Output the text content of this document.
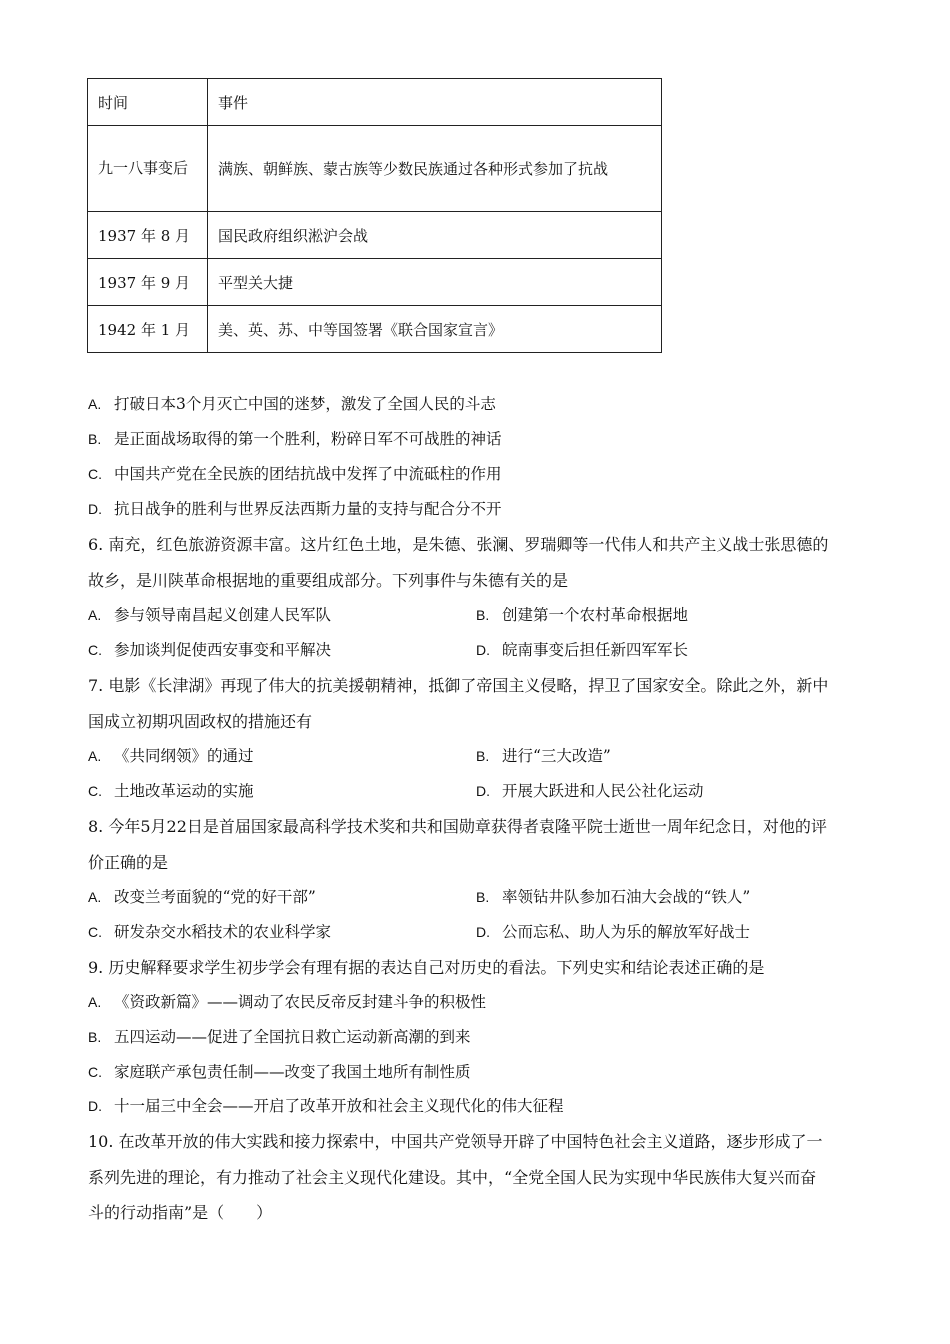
时间	事件
九一八事变后	满族、朝鲜族、蒙古族等少数民族通过各种形式参加了抗战
1937 年 8 月	国民政府组织淞沪会战
1937 年 9 月	平型关大捷
1942 年 1 月	美、英、苏、中等国签署《联合国家宣言》
A. 打破日本3个月灭亡中国的迷梦，激发了全国人民的斗志
B. 是正面战场取得的第一个胜利，粉碎日军不可战胜的神话
C. 中国共产党在全民族的团结抗战中发挥了中流砥柱的作用
D. 抗日战争的胜利与世界反法西斯力量的支持与配合分不开
6. 南充，红色旅游资源丰富。这片红色土地，是朱德、张澜、罗瑞卿等一代伟人和共产主义战士张思德的
故乡，是川陕革命根据地的重要组成部分。下列事件与朱德有关的是
A. 参与领导南昌起义创建人民军队	B. 创建第一个农村革命根据地
C. 参加谈判促使西安事变和平解决	D. 皖南事变后担任新四军军长
7. 电影《长津湖》再现了伟大的抗美援朝精神，抵御了帝国主义侵略，捍卫了国家安全。除此之外，新中
国成立初期巩固政权的措施还有
A. 《共同纲领》的通过	B. 进行“三大改造”
C. 土地改革运动的实施	D. 开展大跃进和人民公社化运动
8. 今年5月22日是首届国家最高科学技术奖和共和国勋章获得者袁隆平院士逝世一周年纪念日，对他的评
价正确的是
A. 改变兰考面貌的“党的好干部”	B. 率领钻井队参加石油大会战的“铁人”
C. 研发杂交水稻技术的农业科学家	D. 公而忘私、助人为乐的解放军好战士
9. 历史解释要求学生初步学会有理有据的表达自己对历史的看法。下列史实和结论表述正确的是
A. 《资政新篇》——调动了农民反帝反封建斗争的积极性
B. 五四运动——促进了全国抗日救亡运动新高潮的到来
C. 家庭联产承包责任制——改变了我国土地所有制性质
D. 十一届三中全会——开启了改革开放和社会主义现代化的伟大征程
10. 在改革开放的伟大实践和接力探索中，中国共产党领导开辟了中国特色社会主义道路，逐步形成了一
系列先进的理论，有力推动了社会主义现代化建设。其中，“全党全国人民为实现中华民族伟大复兴而奋
斗的行动指南”是（　　）
